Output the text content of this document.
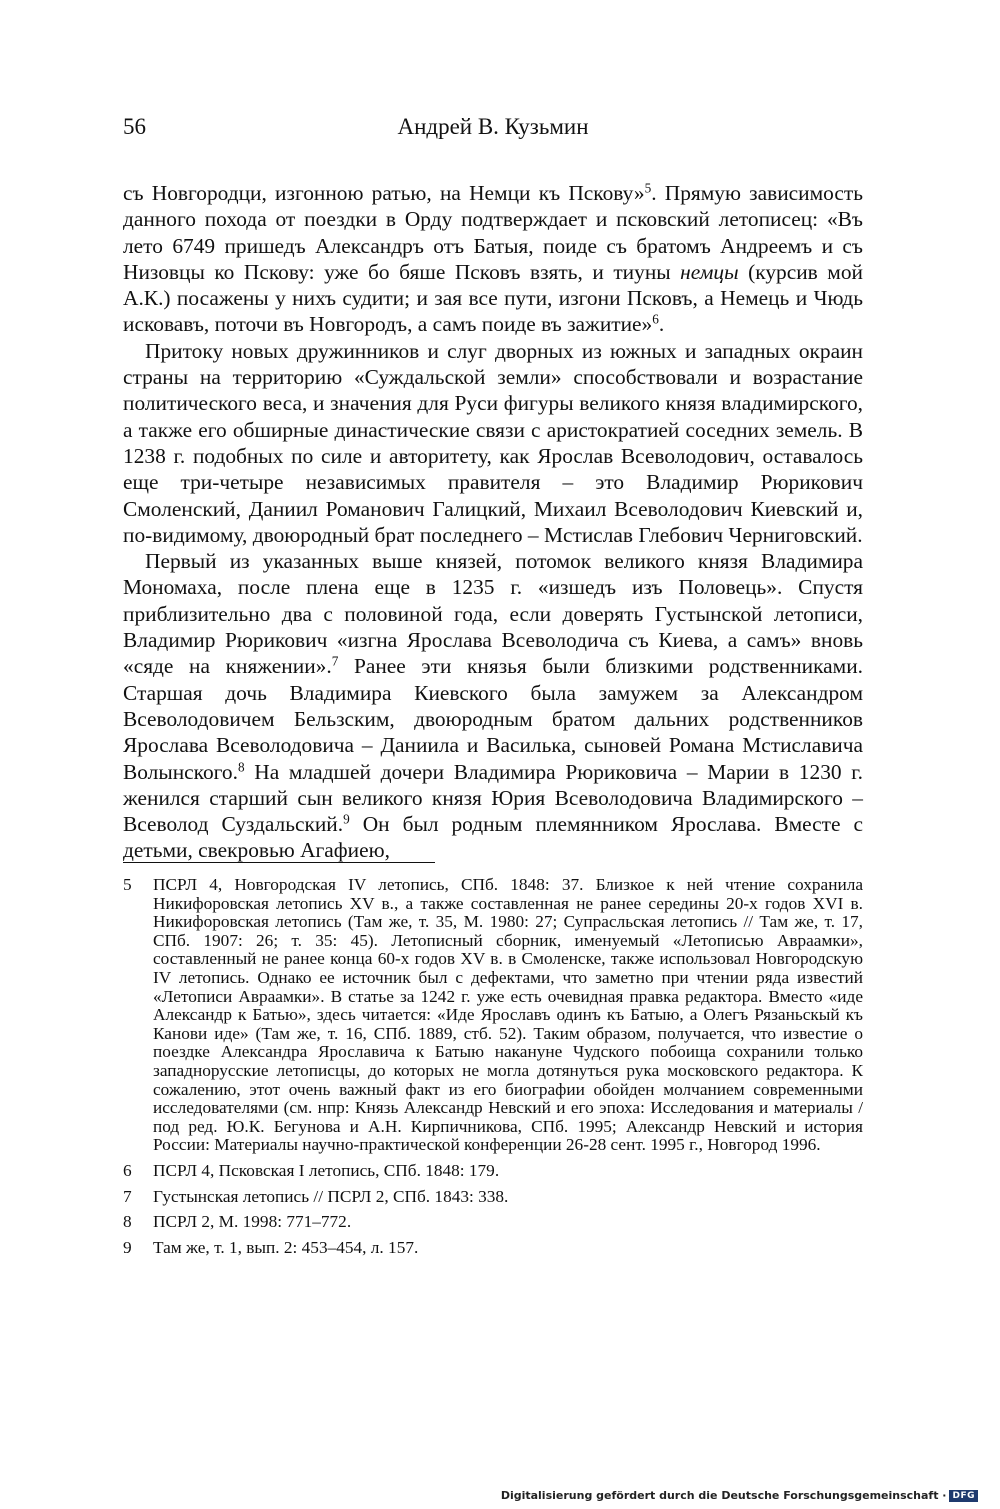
56	Андрей В. Кузьмин

съ Новгородци, изгонною ратью, на Немци къ Пскову»$^5$. Прямую зависимость данного похода от поездки в Орду подтверждает и псковский летописец: «Въ лето 6749 пришедъ Александръ отъ Батыя, поиде съ братомъ Андреемъ и съ Низовцы ко Пскову: уже бо бяше Псковъ взять, и тиуны немцы (курсив мой А.К.) посажены у нихъ судити; и зая все пути, изгони Псковъ, а Немець и Чюдь исковавъ, поточи въ Новгородъ, а самъ поиде въ зажитие»$^6$.

Притоку новых дружинников и слуг дворных из южных и западных окраин страны на территорию «Суждальской земли» способствовали и возрастание политического веса, и значения для Руси фигуры великого князя владимирского, а также его обширные династические связи с аристократией соседних земель. В 1238 г. подобных по силе и авторитету, как Ярослав Всеволодович, оставалось еще три-четыре независимых правителя – это Владимир Рюрикович Смоленский, Даниил Романович Галицкий, Михаил Всеволодович Киевский и, по-видимому, двоюродный брат последнего – Мстислав Глебович Черниговский.

Первый из указанных выше князей, потомок великого князя Владимира Мономаха, после плена еще в 1235 г. «изшедъ изъ Половець». Спустя приблизительно два с половиной года, если доверять Густынской летописи, Владимир Рюрикович «изгна Ярослава Всеволодича съ Киева, а самъ» вновь «сяде на княжении».$^7$ Ранее эти князья были близкими родственниками. Старшая дочь Владимира Киевского была замужем за Александром Всеволодовичем Бельзским, двоюродным братом дальних родственников Ярослава Всеволодовича – Даниила и Василька, сыновей Романа Мстиславича Волынского.$^8$ На младшей дочери Владимира Рюриковича – Марии в 1230 г. женился старший сын великого князя Юрия Всеволодовича Владимирского – Всеволод Суздальский.$^9$ Он был родным племянником Ярослава. Вместе с детьми, свекровью Агафиею,

5 ПСРЛ 4, Новгородская IV летопись, СПб. 1848: 37. Близкое к ней чтение сохранила Никифоровская летопись XV в., а также составленная не ранее середины 20-х годов XVI в. Никифоровская летопись (Там же, т. 35, М. 1980: 27; Супрасльская летопись // Там же, т. 17, СПб. 1907: 26; т. 35: 45). Летописный сборник, именуемый «Летописью Авраамки», составленный не ранее конца 60-х годов XV в. в Смоленске, также использовал Новгородскую IV летопись. Однако ее источник был с дефектами, что заметно при чтении ряда известий «Летописи Авраамки». В статье за 1242 г. уже есть очевидная правка редактора. Вместо «иде Александр к Батью», здесь читается: «Иде Ярославъ одинъ къ Батыю, а Олегъ Рязаньскый къ Канови иде» (Там же, т. 16, СПб. 1889, стб. 52). Таким образом, получается, что известие о поездке Александра Ярославича к Батыю накануне Чудского побоища сохранили только западнорусские летописцы, до которых не могла дотянуться рука московского редактора. К сожалению, этот очень важный факт из его биографии обойден молчанием современными исследователями (см. нпр: Князь Александр Невский и его эпоха: Исследования и материалы / под ред. Ю.К. Бегунова и А.Н. Кирпичникова, СПб. 1995; Александр Невский и история России: Материалы научно-практической конференции 26-28 сент. 1995 г., Новгород 1996.
6 ПСРЛ 4, Псковская I летопись, СПб. 1848: 179.
7 Густынская летопись // ПСРЛ 2, СПб. 1843: 338.
8 ПСРЛ 2, М. 1998: 771–772.
9 Там же, т. 1, вып. 2: 453–454, л. 157.
Digitalisierung gefördert durch die Deutsche Forschungsgemeinschaft · DFG
